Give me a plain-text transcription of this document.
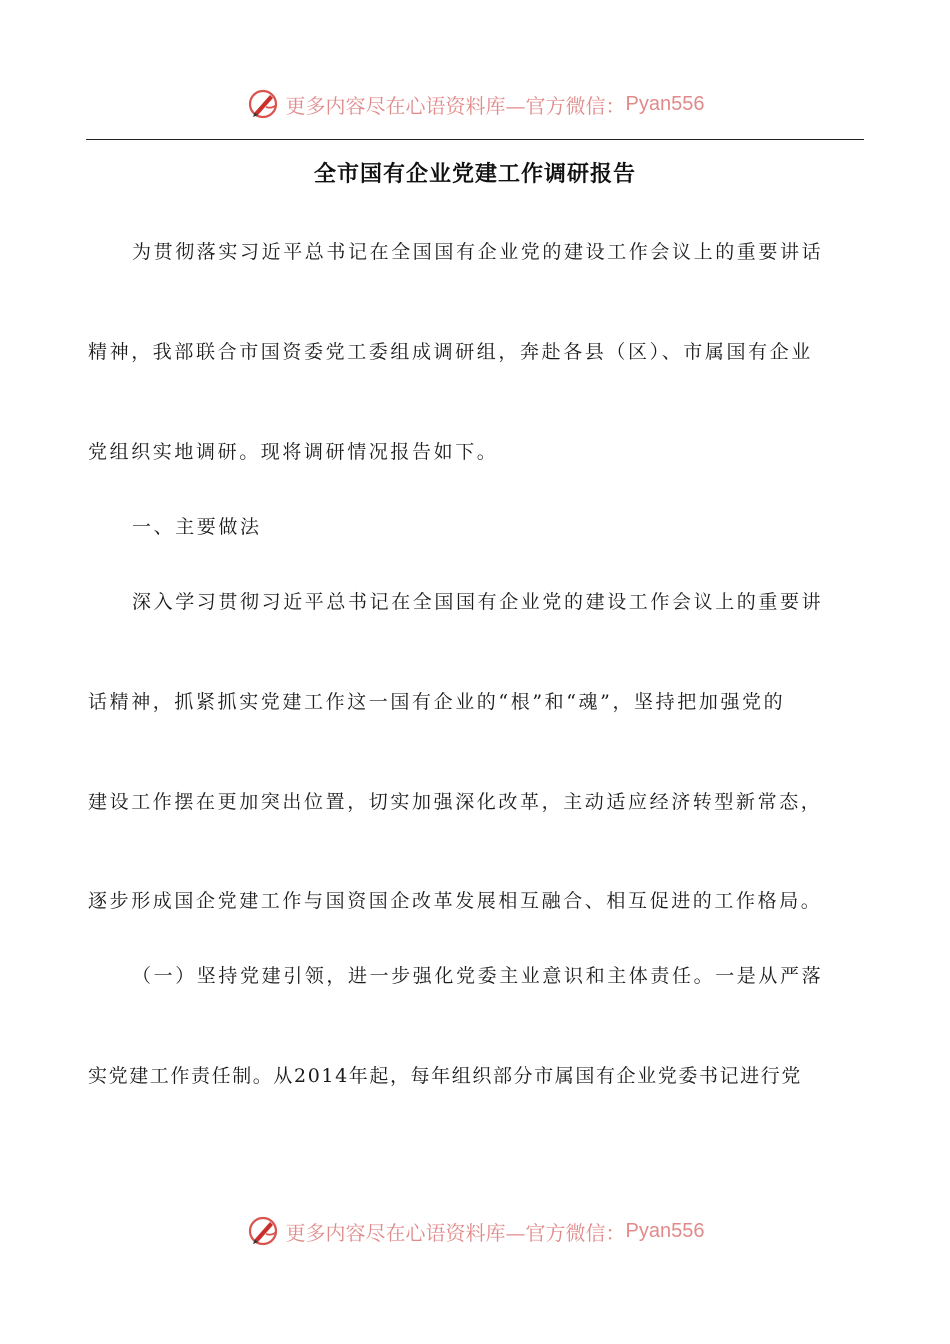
更多内容尽在心语资料库—官方微信： Pyan556
全市国有企业党建工作调研报告
为贯彻落实习近平总书记在全国国有企业党的建设工作会议上的重要讲话
精神，我部联合市国资委党工委组成调研组，奔赴各县（区）、市属国有企业
党组织实地调研。现将调研情况报告如下。
一、主要做法
深入学习贯彻习近平总书记在全国国有企业党的建设工作会议上的重要讲
话精神，抓紧抓实党建工作这一国有企业的“根”和“魂”，坚持把加强党的
建设工作摆在更加突出位置，切实加强深化改革，主动适应经济转型新常态，
逐步形成国企党建工作与国资国企改革发展相互融合、相互促进的工作格局。
（一）坚持党建引领，进一步强化党委主业意识和主体责任。一是从严落
实党建工作责任制。从2014年起，每年组织部分市属国有企业党委书记进行党
更多内容尽在心语资料库—官方微信： Pyan556
